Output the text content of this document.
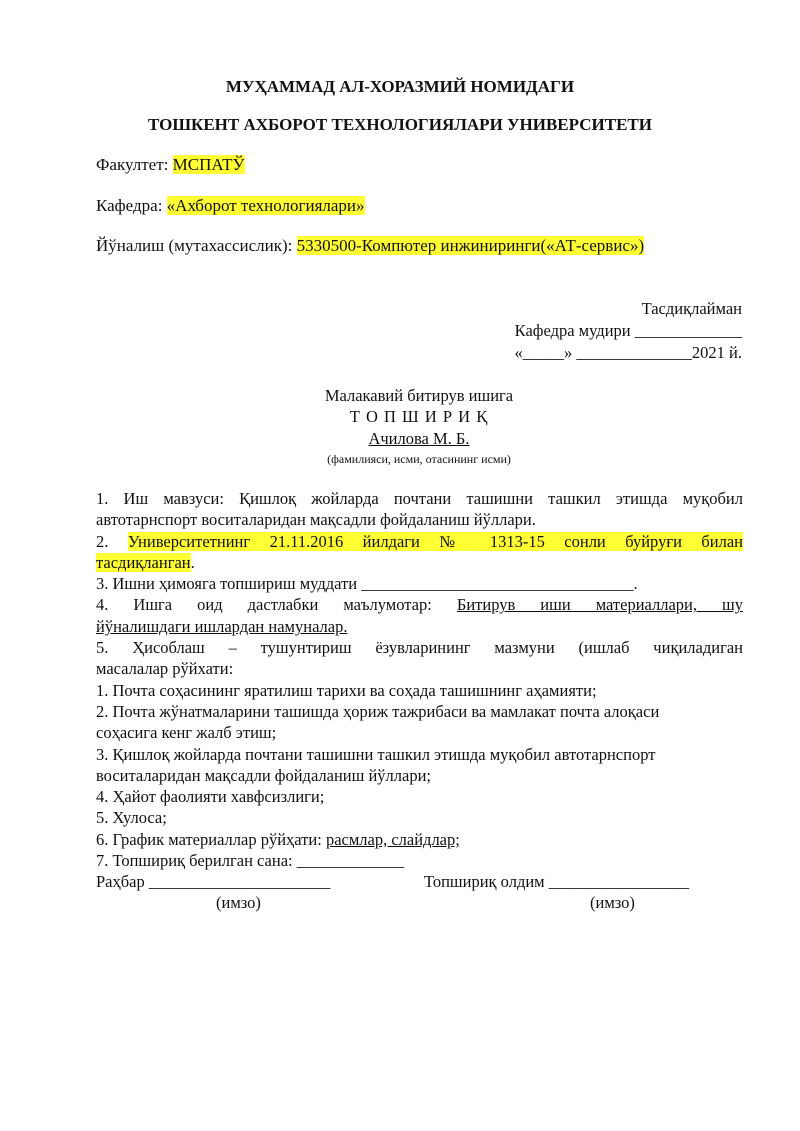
МУҲАММАД АЛ-ХОРАЗМИЙ НОМИДАГИ
ТОШКЕНТ АХБОРОТ ТЕХНОЛОГИЯЛАРИ УНИВЕРСИТЕТИ
Факултет: МСПАТЎ
Кафедра: «Ахборот технологиялари»
Йўналиш (мутахассислик): 5330500-Компютер инжиниринги(«АТ-сервис»)
Тасдиқлайман
Кафедра мудири _____________
«_____» ______________2021 й.
Малакавий битирув ишига
Т О П Ш И Р И Қ
Ачилова М. Б.
(фамилияси, исми, отасининг исми)

1. Иш мавзуси: Қишлоқ жойларда почтани ташишни ташкил этишда муқобил

автотарнспорт воситаларидан мақсадли фойдаланиш йўллари.

2. Университетнинг 21.11.2016 йилдаги № 1313-15 сонли буйруғи билан

тасдиқланган.

3. Ишни ҳимояга топшириш муддати _________________________________.

4. Ишга оид дастлабки маълумотар: Битирув иши материаллари, шу

йўналишдаги ишлардан намуналар.

5. Ҳисоблаш – тушунтириш ёзувларининг мазмуни (ишлаб чиқиладиган

масалалар рўйхати:

1. Почта соҳасининг яратилиш тарихи ва соҳада ташишнинг аҳамияти;

2. Почта жўнатмаларини ташишда ҳориж тажрибаси ва мамлакат почта алоқаси

соҳасига кенг жалб этиш;

3. Қишлоқ жойларда почтани ташишни ташкил этишда муқобил автотарнспорт

воситаларидан мақсадли фойдаланиш йўллари;

4. Ҳайот фаолияти хавфсизлиги;

5. Хулоса;

6. График материаллар рўйҳати: расмлар, слайдлар;

7. Топшириқ берилган сана: _____________

Раҳбар ______________________	Топшириқ олдим _________________
(имзо)	(имзо)
